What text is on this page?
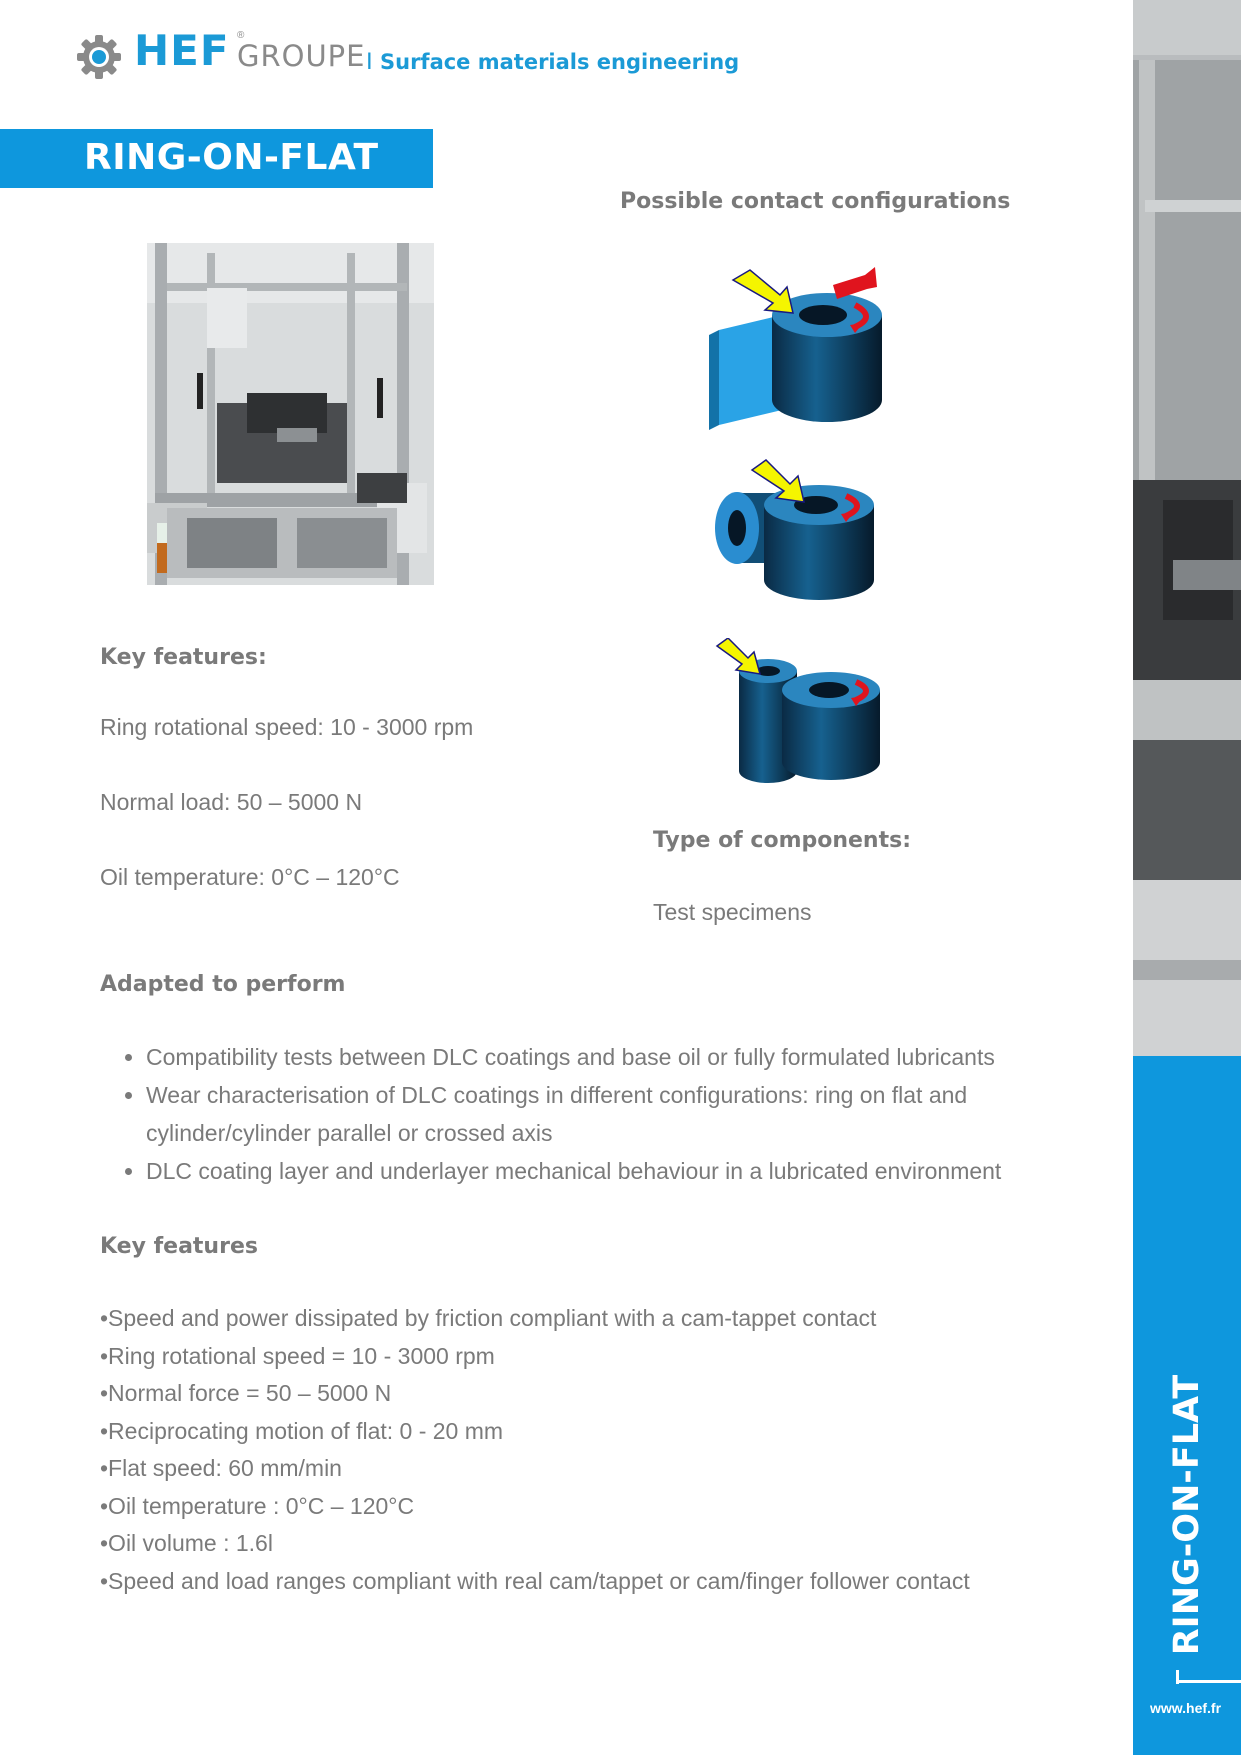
HEF ®
GROUPE I Surface materials engineering
RING-ON-FLAT
RING-ON-FLAT
www.hef.fr
Possible contact configurations
Key features:
Ring rotational speed: 10 - 3000 rpm
Normal load: 50 – 5000 N
Oil temperature: 0°C – 120°C
Type of components:
Test specimens
Adapted to perform
• Compatibility tests between DLC coatings and base oil or fully formulated lubricants
• Wear characterisation of DLC coatings in different configurations: ring on flat and cylinder/cylinder parallel or crossed axis
• DLC coating layer and underlayer mechanical behaviour in a lubricated environment
Key features
•Speed and power dissipated by friction compliant with a cam-tappet contact
•Ring rotational speed = 10 - 3000 rpm
•Normal force = 50 – 5000 N
•Reciprocating motion of flat: 0 - 20 mm
•Flat speed: 60 mm/min
•Oil temperature : 0°C – 120°C
•Oil volume : 1.6l
•Speed and load ranges compliant with real cam/tappet or cam/finger follower contact
